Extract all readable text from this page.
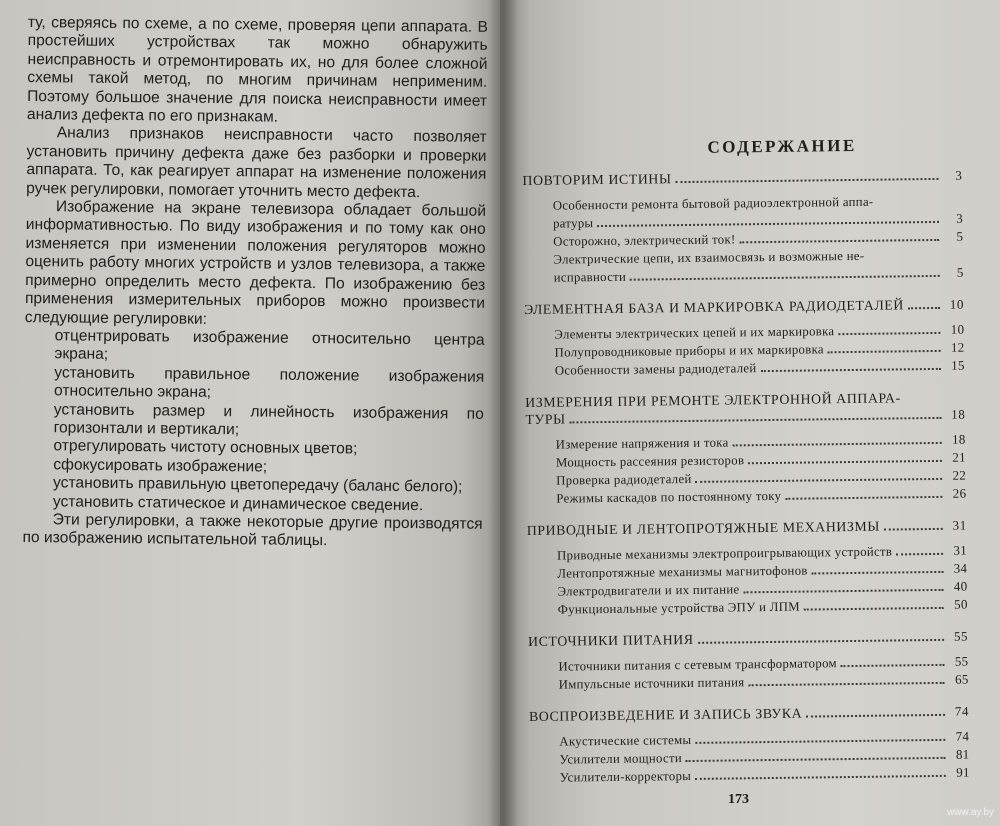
ту, сверяясь по схеме, а по схеме, проверяя цепи аппарата. В простейших устройствах так можно обнаружить неисправность и отремонтировать их, но для более сложной схемы такой метод, по многим причинам неприменим. Поэтому большое значение для поиска неисправности имеет анализ дефекта по его признакам.

Анализ признаков неисправности часто позволяет установить причину дефекта даже без разборки и проверки аппарата. То, как реагирует аппарат на изменение положения ручек регулировки, помогает уточнить место дефекта.

Изображение на экране телевизора обладает большой информативностью. По виду изображения и по тому как оно изменяется при изменении положения регуляторов можно оценить работу многих устройств и узлов телевизора, а также примерно определить место дефекта. По изображению без применения измерительных приборов можно произвести следующие регулировки:

отцентрировать изображение относительно центра экрана;

установить правильное положение изображения относительно экрана;

установить размер и линейность изображения по горизонтали и вертикали;

отрегулировать чистоту основных цветов;

сфокусировать изображение;

установить правильную цветопередачу (баланс белого);

установить статическое и динамическое сведение.

Эти регулировки, а также некоторые другие производятся по изображению испытательной таблицы.

СОДЕРЖАНИЕ
ПОВТОРИМ ИСТИНЫ	3
Особенности ремонта бытовой радиоэлектронной аппа-
ратуры	3
Осторожно, электрический ток!	5
Электрические цепи, их взаимосвязь и возможные не-
исправности	5
ЭЛЕМЕНТНАЯ БАЗА И МАРКИРОВКА РАДИОДЕТАЛЕЙ	10
Элементы электрических цепей и их маркировка	10
Полупроводниковые приборы и их маркировка	12
Особенности замены радиодеталей	15
ИЗМЕРЕНИЯ ПРИ РЕМОНТЕ ЭЛЕКТРОННОЙ АППАРА-
ТУРЫ	18
Измерение напряжения и тока	18
Мощность рассеяния резисторов	21
Проверка радиодеталей	22
Режимы каскадов по постоянному току	26
ПРИВОДНЫЕ И ЛЕНТОПРОТЯЖНЫЕ МЕХАНИЗМЫ	31
Приводные механизмы электропроигрывающих устройств	31
Лентопротяжные механизмы магнитофонов	34
Электродвигатели и их питание	40
Функциональные устройства ЭПУ и ЛПМ	50
ИСТОЧНИКИ ПИТАНИЯ	55
Источники питания с сетевым трансформатором	55
Импульсные источники питания	65
ВОСПРОИЗВЕДЕНИЕ И ЗАПИСЬ ЗВУКА	74
Акустические системы	74
Усилители мощности	81
Усилители-корректоры	91
173
www.ay.by
